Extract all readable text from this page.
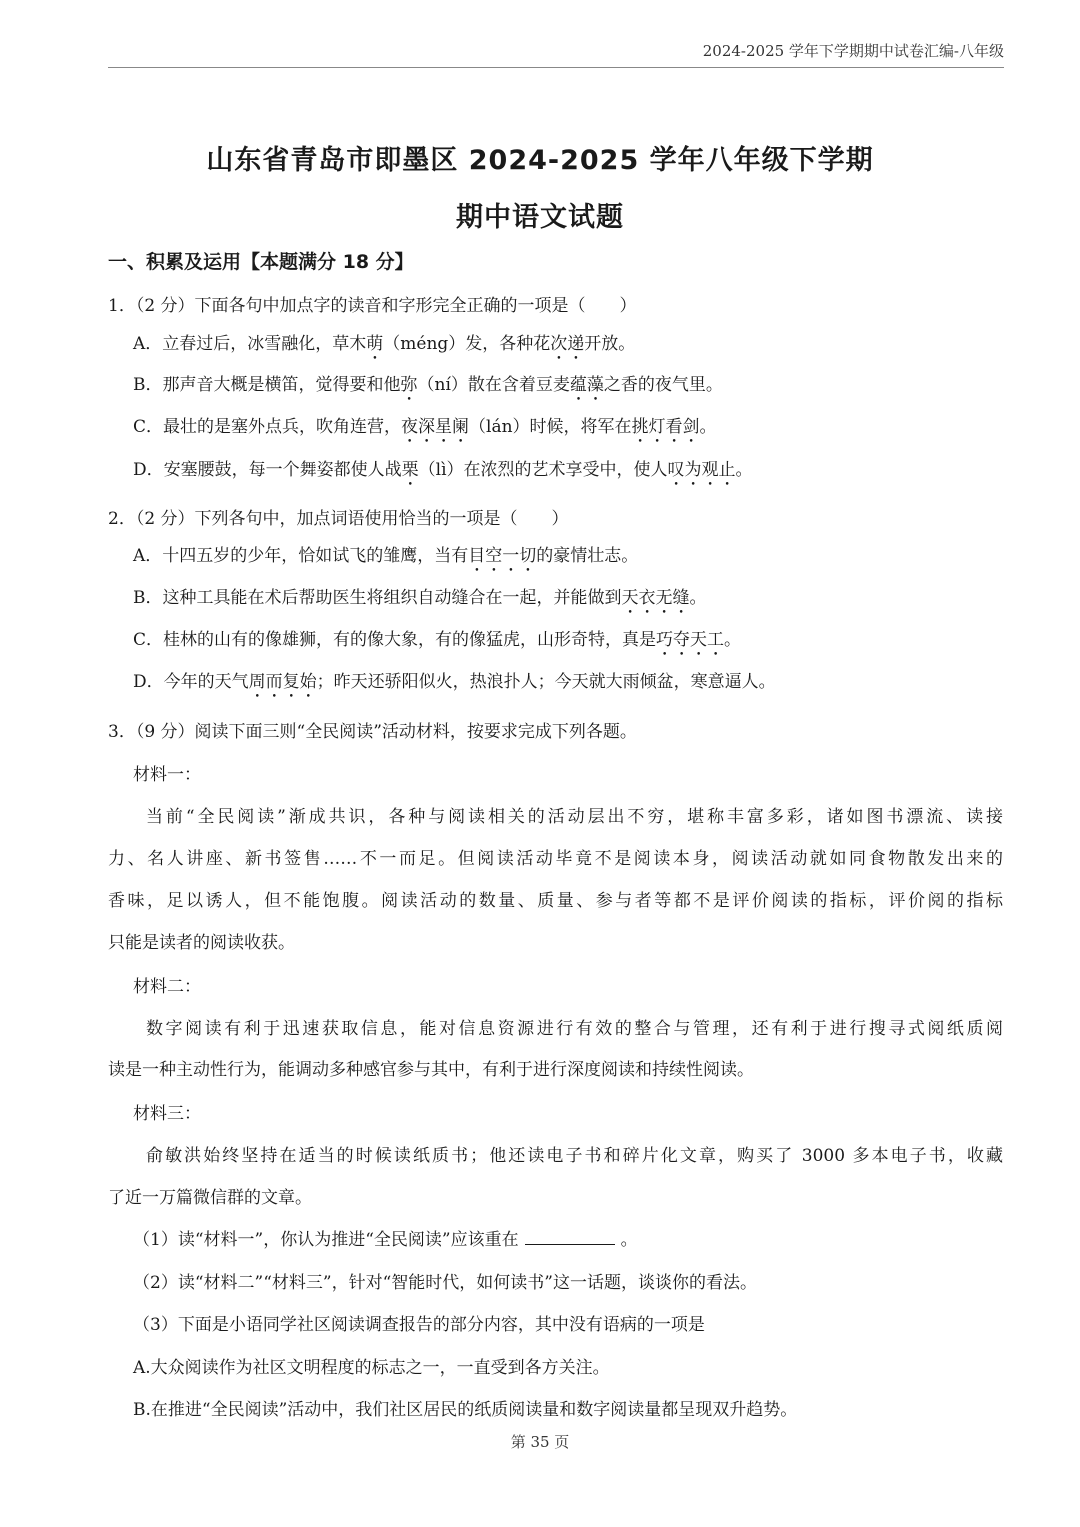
2024-2025 学年下学期期中试卷汇编-八年级
山东省青岛市即墨区 2024-2025 学年八年级下学期
期中语文试题
一、积累及运用【本题满分 18 分】
1．（2 分）下面各句中加点字的读音和字形完全正确的一项是（　　）
A．立春过后，冰雪融化，草木萌（méng）发，各种花次递开放。
B．那声音大概是横笛，觉得要和他弥（ní）散在含着豆麦蕴藻之香的夜气里。
C．最壮的是塞外点兵，吹角连营，夜深星阑（lán）时候，将军在挑灯看剑。
D．安塞腰鼓，每一个舞姿都使人战栗（lì）在浓烈的艺术享受中，使人叹为观止。
2．（2 分）下列各句中，加点词语使用恰当的一项是（　　）
A．十四五岁的少年，恰如试飞的雏鹰，当有目空一切的豪情壮志。
B．这种工具能在术后帮助医生将组织自动缝合在一起，并能做到天衣无缝。
C．桂林的山有的像雄狮，有的像大象，有的像猛虎，山形奇特，真是巧夺天工。
D．今年的天气周而复始；昨天还骄阳似火，热浪扑人；今天就大雨倾盆，寒意逼人。
3．（9 分）阅读下面三则“全民阅读”活动材料，按要求完成下列各题。
材料一：
当前“全民阅读”渐成共识，各种与阅读相关的活动层出不穷，堪称丰富多彩，诸如图书漂流、读接
力、名人讲座、新书签售……不一而足。但阅读活动毕竟不是阅读本身，阅读活动就如同食物散发出来的
香味，足以诱人，但不能饱腹。阅读活动的数量、质量、参与者等都不是评价阅读的指标，评价阅的指标
只能是读者的阅读收获。
材料二：
数字阅读有利于迅速获取信息，能对信息资源进行有效的整合与管理，还有利于进行搜寻式阅纸质阅
读是一种主动性行为，能调动多种感官参与其中，有利于进行深度阅读和持续性阅读。
材料三：
俞敏洪始终坚持在适当的时候读纸质书；他还读电子书和碎片化文章，购买了 3000 多本电子书，收藏
了近一万篇微信群的文章。
（1）读“材料一”，你认为推进“全民阅读”应该重在	。
（2）读“材料二”“材料三”，针对“智能时代，如何读书”这一话题，谈谈你的看法。
（3）下面是小语同学社区阅读调查报告的部分内容，其中没有语病的一项是
A.大众阅读作为社区文明程度的标志之一，一直受到各方关注。
B.在推进“全民阅读”活动中，我们社区居民的纸质阅读量和数字阅读量都呈现双升趋势。
第 35 页
